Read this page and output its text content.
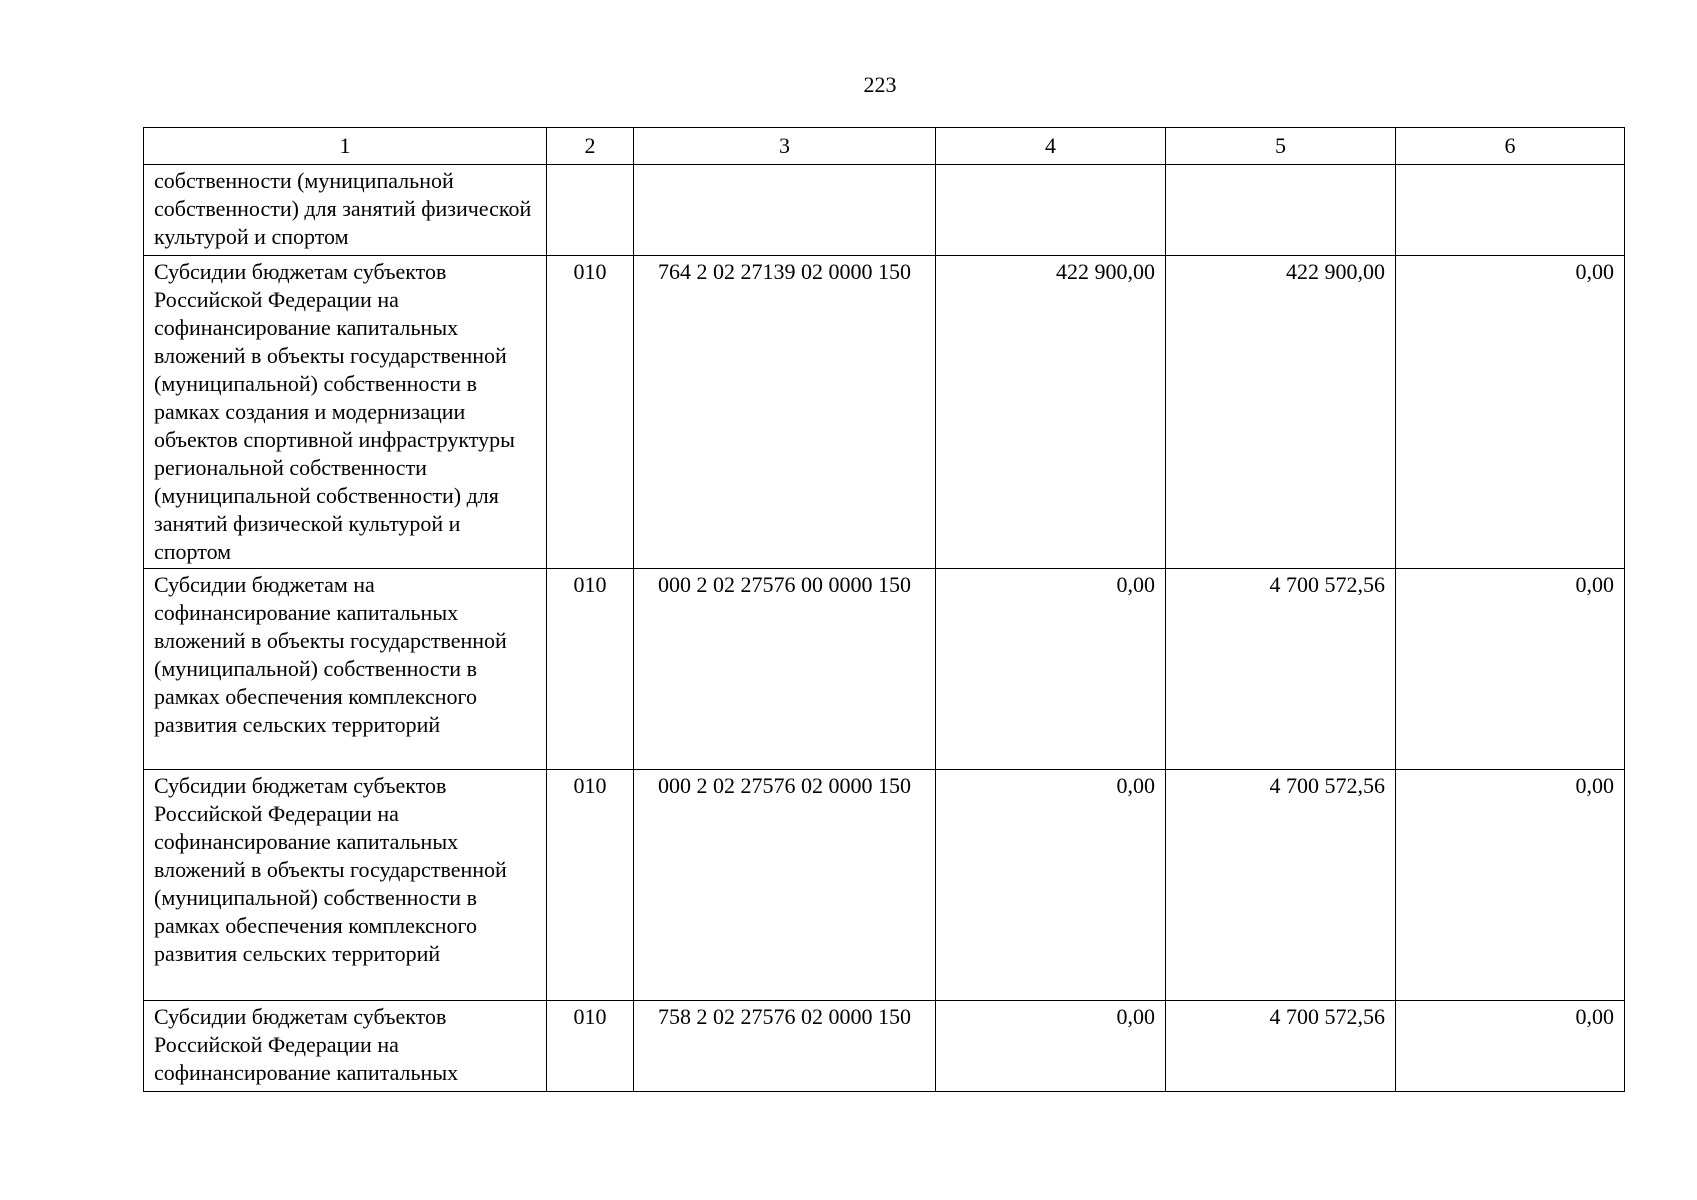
223
1	2	3	4	5	6

собственности (муниципальной собственности) для занятий физической культурой и спортом					

Субсидии бюджетам субъектов Российской Федерации на софинансирование капитальных вложений в объекты государственной (муниципальной) собственности в рамках создания и модернизации объектов спортивной инфраструктуры региональной собственности (муниципальной собственности) для занятий физической культурой и спортом	010	764 2 02 27139 02 0000 150	422 900,00	422 900,00	0,00

Субсидии бюджетам на софинансирование капитальных вложений в объекты государственной (муниципальной) собственности в рамках обеспечения комплексного развития сельских территорий	010	000 2 02 27576 00 0000 150	0,00	4 700 572,56	0,00

Субсидии бюджетам субъектов Российской Федерации на софинансирование капитальных вложений в объекты государственной (муниципальной) собственности в рамках обеспечения комплексного развития сельских территорий	010	000 2 02 27576 02 0000 150	0,00	4 700 572,56	0,00

Субсидии бюджетам субъектов Российской Федерации на софинансирование капитальных	010	758 2 02 27576 02 0000 150	0,00	4 700 572,56	0,00
